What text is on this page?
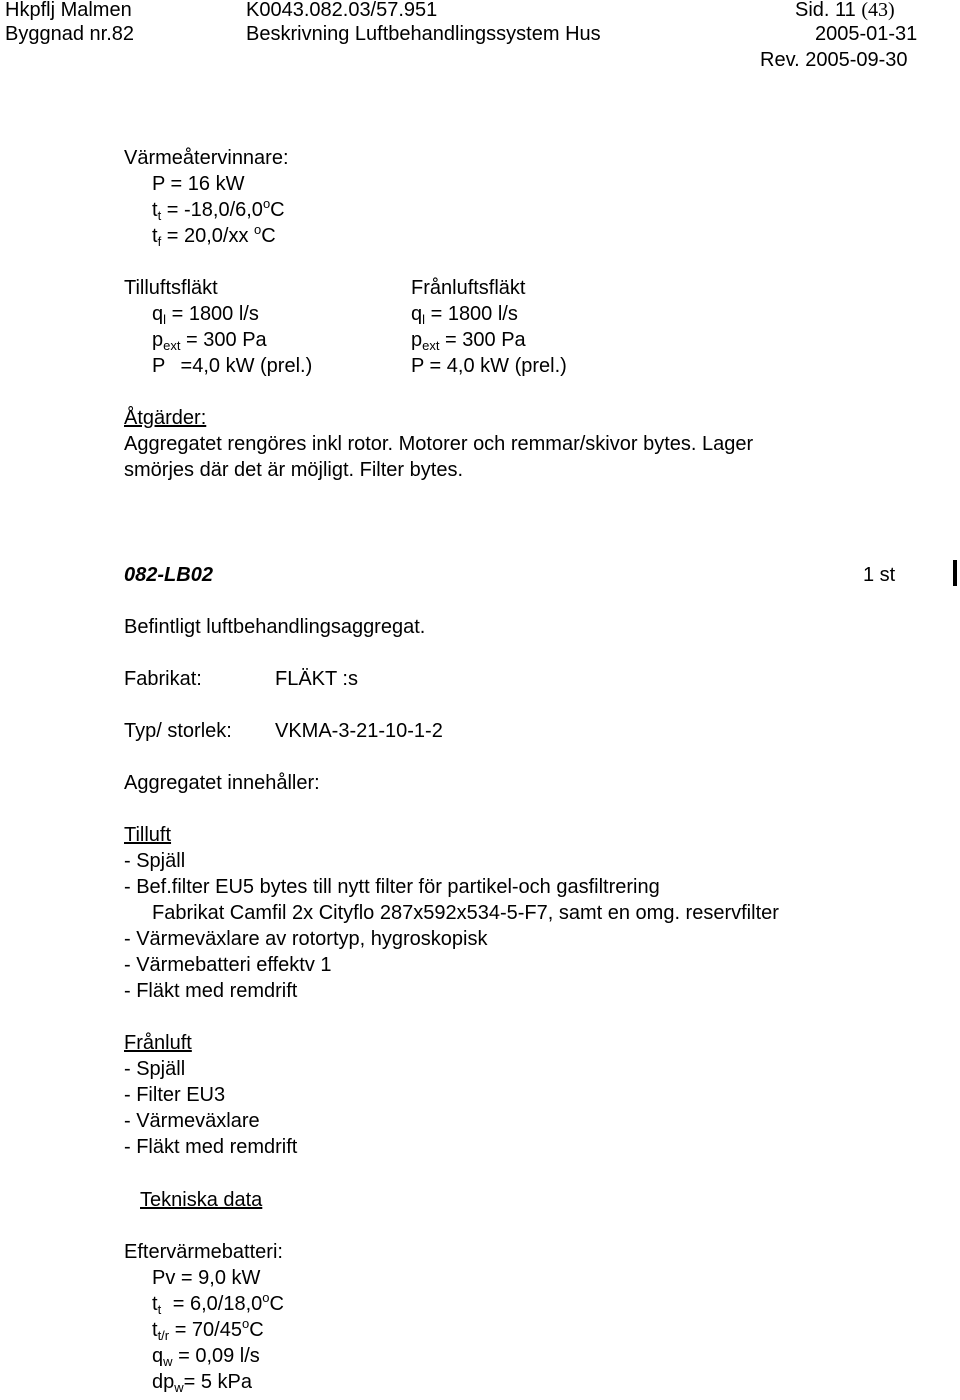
Hkpflj Malmen
Byggnad nr.82
K0043.082.03/57.951
Beskrivning Luftbehandlingssystem Hus
Sid. 11 (43)
2005-01-31
Rev. 2005-09-30
Värmeåtervinnare:
P = 16 kW
$t_t = -18,0/6,0^oC$
$t_f = 20,0/xx$ $^o$C
Tilluftsfläkt
$q_l = 1800$ l/s
$p_{ext} = 300$ Pa
P =4,0 kW (prel.)
Frånluftsfläkt
$q_l = 1800$ l/s
$p_{ext} = 300$ Pa
P = 4,0 kW (prel.)
Åtgärder:
Aggregatet rengöres inkl rotor. Motorer och remmar/skivor bytes. Lager
smörjes där det är möjligt. Filter bytes.
082-LB02	1 st
Befintligt luftbehandlingsaggregat.
Fabrikat:	FLÄKT :s
Typ/ storlek: VKMA-3-21-10-1-2
Aggregatet innehåller:
Tilluft
- Spjäll
- Bef.filter EU5 bytes till nytt filter för partikel-och gasfiltrering
Fabrikat Camfil 2x Cityflo 287x592x534-5-F7, samt en omg. reservfilter
- Värmeväxlare av rotortyp, hygroskopisk
- Värmebatteri effektv 1
- Fläkt med remdrift
Frånluft
- Spjäll
- Filter EU3
- Värmeväxlare
- Fläkt med remdrift
Tekniska data
Eftervärmebatteri:
Pv = 9,0 kW
$t_t = 6,0/18,0^oC$
$t_{t/r} = 70/45^oC$
$q_w = 0,09$ l/s
$dp_w= 5$ kPa
